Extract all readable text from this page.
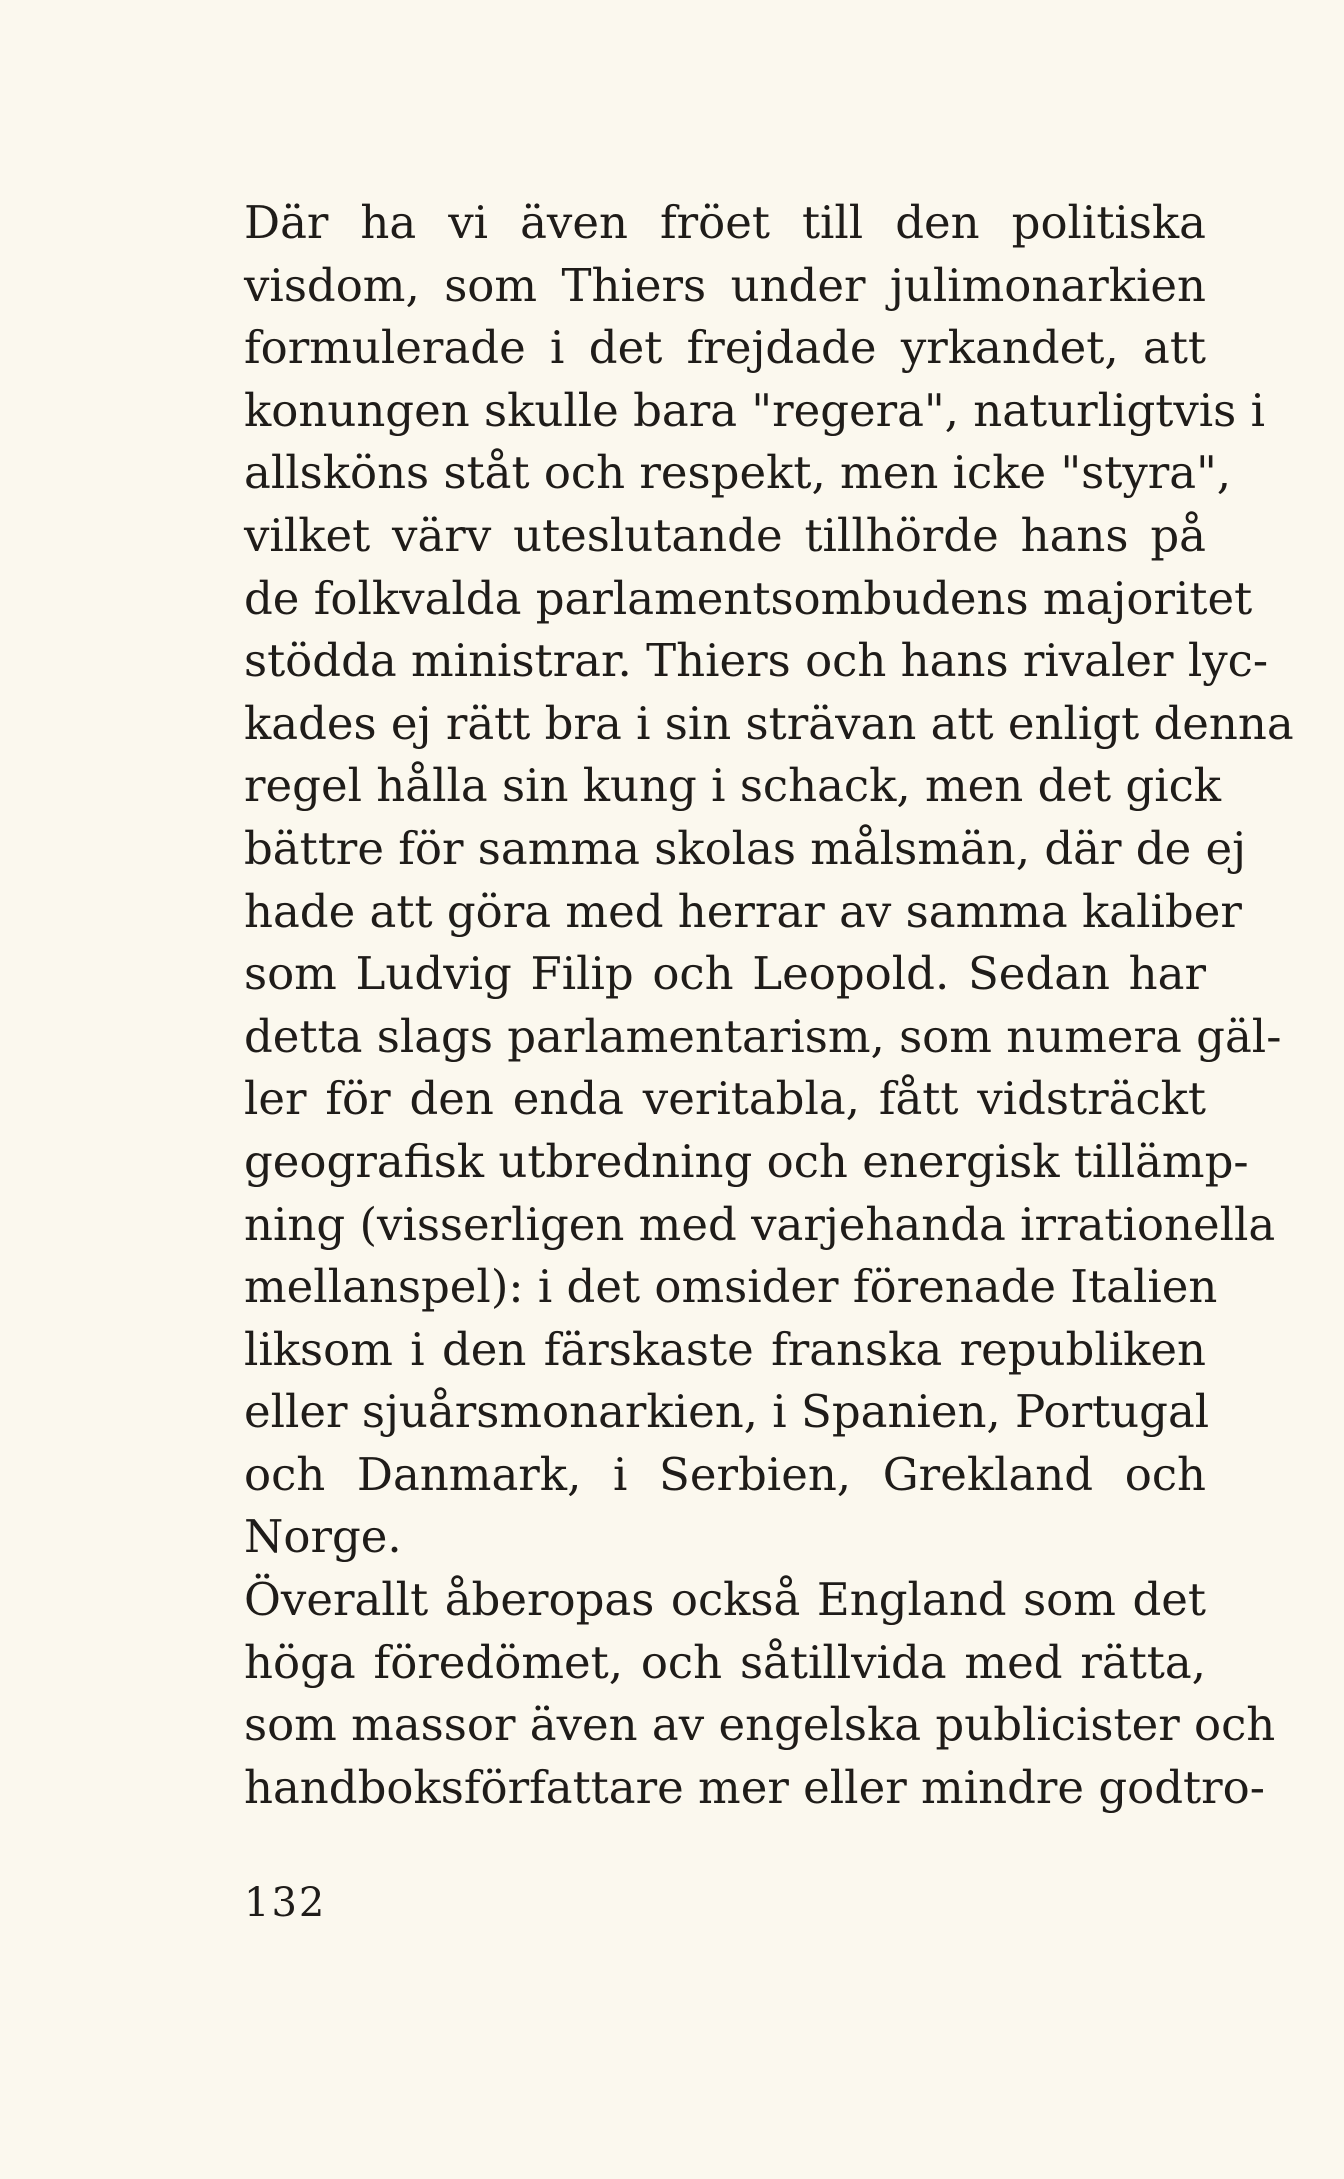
Där ha vi även fröet till den politiska
visdom, som Thiers under julimonarkien
formulerade i det frejdade yrkandet, att
konungen skulle bara "regera", naturligtvis i
allsköns ståt och respekt, men icke "styra",
vilket värv uteslutande tillhörde hans på
de folkvalda parlamentsombudens majoritet
stödda ministrar. Thiers och hans rivaler lyc-
kades ej rätt bra i sin strävan att enligt denna
regel hålla sin kung i schack, men det gick
bättre för samma skolas målsmän, där de ej
hade att göra med herrar av samma kaliber
som Ludvig Filip och Leopold. Sedan har
detta slags parlamentarism, som numera gäl-
ler för den enda veritabla, fått vidsträckt
geografisk utbredning och energisk tillämp-
ning (visserligen med varjehanda irrationella
mellanspel): i det omsider förenade Italien
liksom i den färskaste franska republiken
eller sjuårsmonarkien, i Spanien, Portugal
och Danmark, i Serbien, Grekland och
Norge.
Överallt åberopas också England som det
höga föredömet, och såtillvida med rätta,
som massor även av engelska publicister och
handboksförfattare mer eller mindre godtro-
132
